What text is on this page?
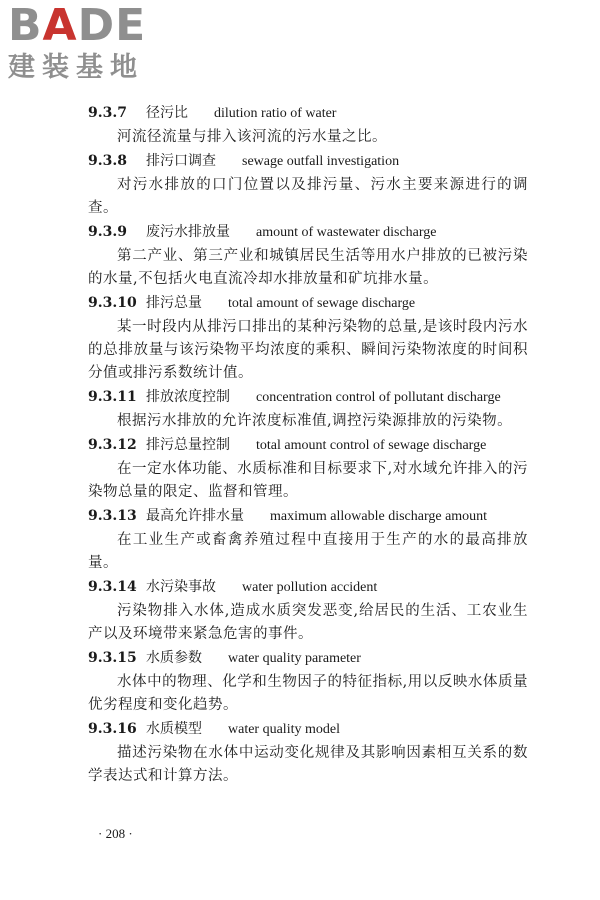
BADE
建装基地
9.3.7 径污比 dilution ratio of water

河流径流量与排入该河流的污水量之比。

9.3.8 排污口调查 sewage outfall investigation

对污水排放的口门位置以及排污量、污水主要来源进行的调查。

9.3.9 废污水排放量 amount of wastewater discharge

第二产业、第三产业和城镇居民生活等用水户排放的已被污染的水量,不包括火电直流冷却水排放量和矿坑排水量。

9.3.10 排污总量 total amount of sewage discharge

某一时段内从排污口排出的某种污染物的总量,是该时段内污水的总排放量与该污染物平均浓度的乘积、瞬间污染物浓度的时间积分值或排污系数统计值。

9.3.11 排放浓度控制 concentration control of pollutant discharge

根据污水排放的允许浓度标准值,调控污染源排放的污染物。

9.3.12 排污总量控制 total amount control of sewage discharge

在一定水体功能、水质标准和目标要求下,对水域允许排入的污染物总量的限定、监督和管理。

9.3.13 最高允许排水量 maximum allowable discharge amount

在工业生产或畜禽养殖过程中直接用于生产的水的最高排放量。

9.3.14 水污染事故 water pollution accident

污染物排入水体,造成水质突发恶变,给居民的生活、工农业生产以及环境带来紧急危害的事件。

9.3.15 水质参数 water quality parameter

水体中的物理、化学和生物因子的特征指标,用以反映水体质量优劣程度和变化趋势。

9.3.16 水质模型 water quality model

描述污染物在水体中运动变化规律及其影响因素相互关系的数学表达式和计算方法。

· 208 ·
